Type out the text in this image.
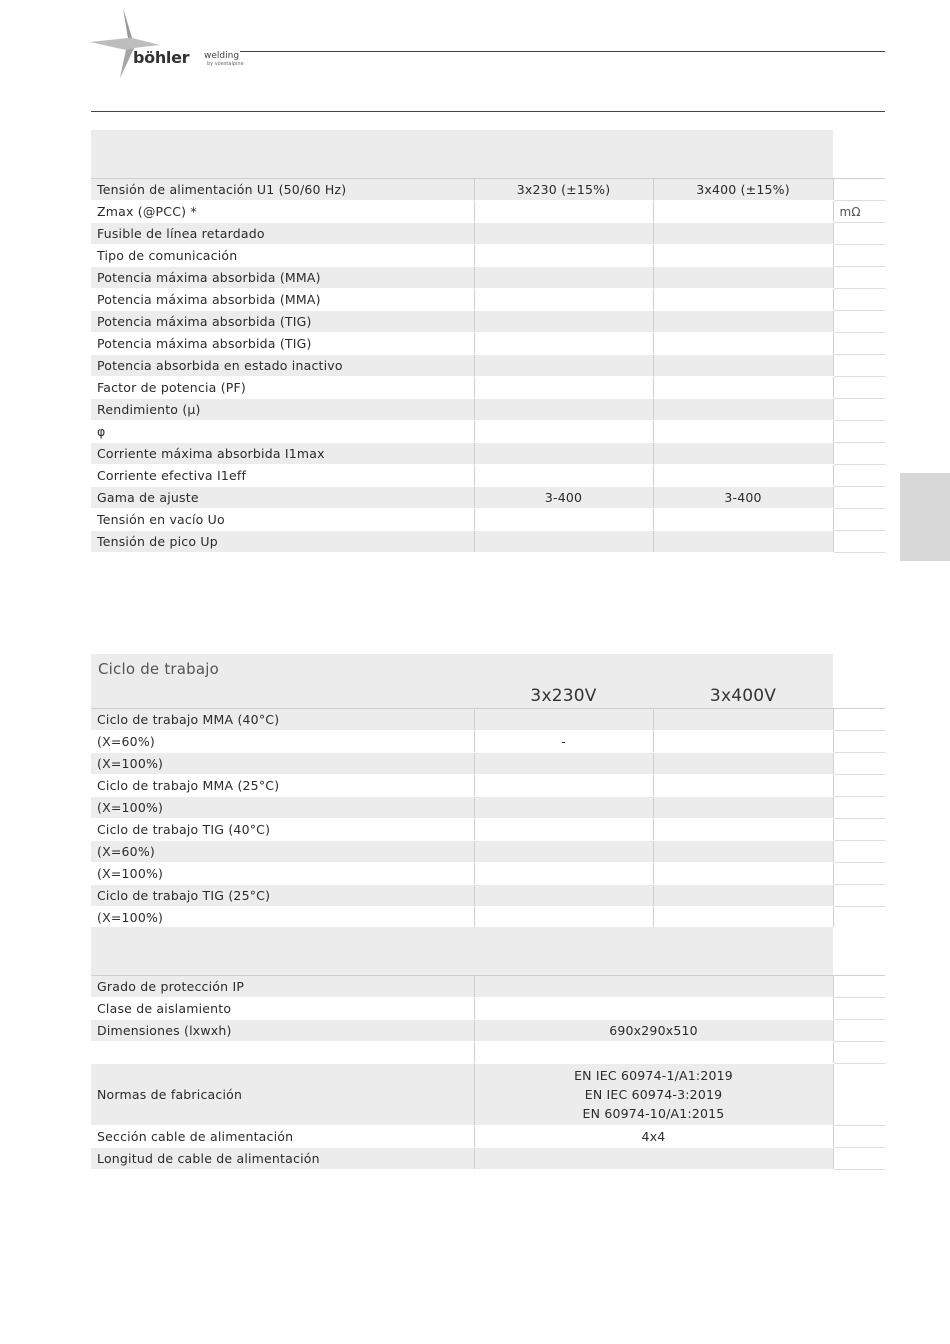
böhler welding
by voestalpine

Tensión de alimentación U1 (50/60 Hz)	3x230 (±15%)	3x400 (±15%)	
Zmax (@PCC) *			mΩ
Fusible de línea retardado			
Tipo de comunicación			
Potencia máxima absorbida (MMA)			
Potencia máxima absorbida (MMA)			
Potencia máxima absorbida (TIG)			
Potencia máxima absorbida (TIG)			
Potencia absorbida en estado inactivo			
Factor de potencia (PF)			
Rendimiento (μ)			
φ			
Corriente máxima absorbida I1max			
Corriente efectiva I1eff			
Gama de ajuste	3-400	3-400	
Tensión en vacío Uo			
Tensión de pico Up			
Ciclo de trabajo	3x230V	3x400V	
Ciclo de trabajo MMA (40°C)			
(X=60%)	-		
(X=100%)			
Ciclo de trabajo MMA (25°C)			
(X=100%)			
Ciclo de trabajo TIG (40°C)			
(X=60%)			
(X=100%)			
Ciclo de trabajo TIG (25°C)			
(X=100%)			

Grado de protección IP		
Clase de aislamiento		
Dimensiones (lxwxh)	690x290x510	

Normas de fabricación	EN IEC 60974-1/A1:2019
EN IEC 60974-3:2019
EN 60974-10/A1:2015	

Sección cable de alimentación	4x4	
Longitud de cable de alimentación		
